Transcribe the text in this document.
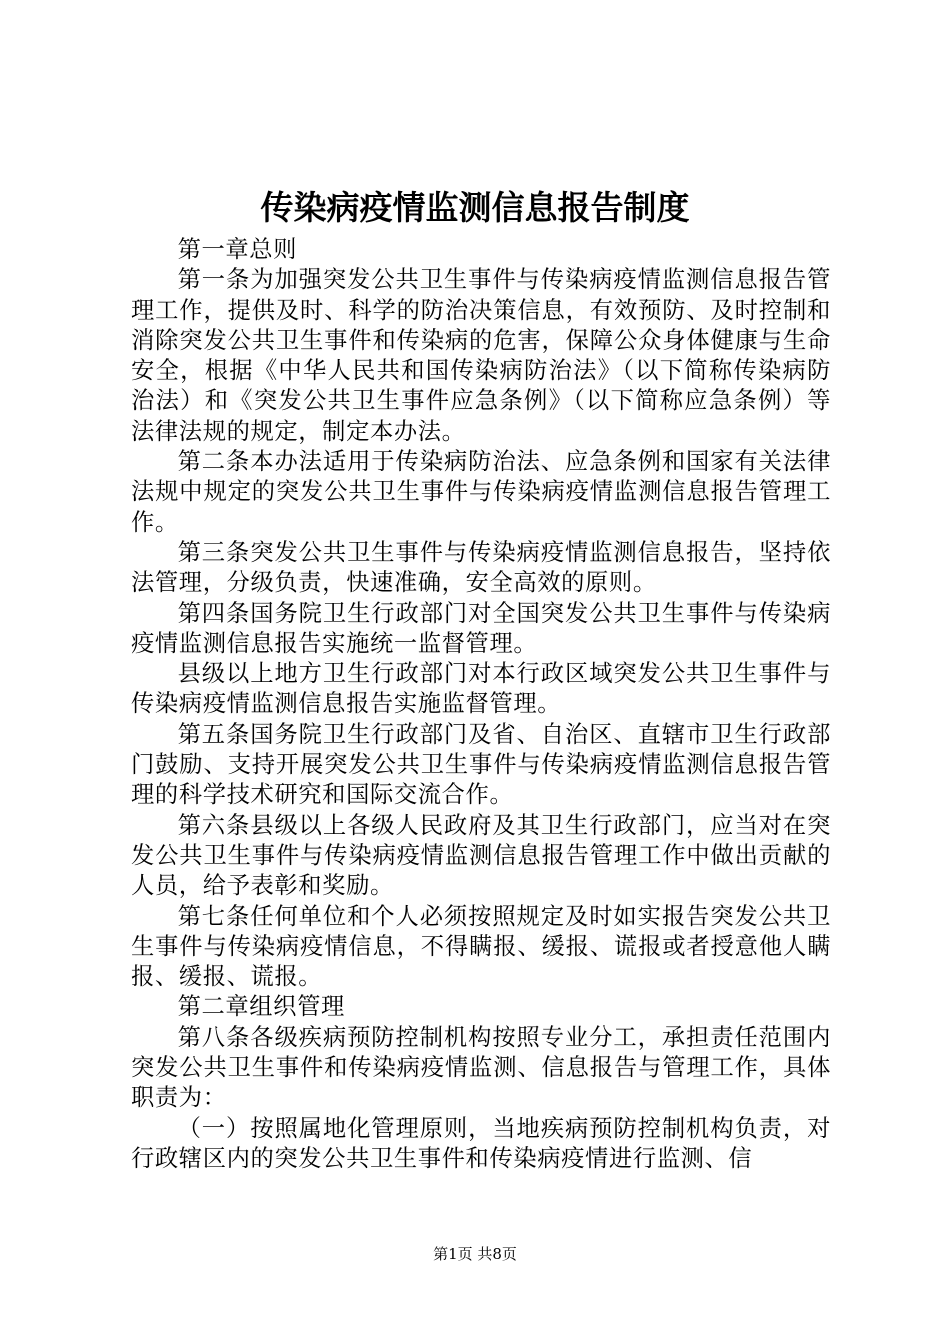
传染病疫情监测信息报告制度

第一章总则

第一条为加强突发公共卫生事件与传染病疫情监测信息报告管理工作，提供及时、科学的防治决策信息，有效预防、及时控制和消除突发公共卫生事件和传染病的危害，保障公众身体健康与生命安全，根据《中华人民共和国传染病防治法》（以下简称传染病防治法）和《突发公共卫生事件应急条例》（以下简称应急条例）等法律法规的规定，制定本办法。

第二条本办法适用于传染病防治法、应急条例和国家有关法律法规中规定的突发公共卫生事件与传染病疫情监测信息报告管理工作。

第三条突发公共卫生事件与传染病疫情监测信息报告，坚持依法管理，分级负责，快速准确，安全高效的原则。

第四条国务院卫生行政部门对全国突发公共卫生事件与传染病疫情监测信息报告实施统一监督管理。

县级以上地方卫生行政部门对本行政区域突发公共卫生事件与传染病疫情监测信息报告实施监督管理。

第五条国务院卫生行政部门及省、自治区、直辖市卫生行政部门鼓励、支持开展突发公共卫生事件与传染病疫情监测信息报告管理的科学技术研究和国际交流合作。

第六条县级以上各级人民政府及其卫生行政部门，应当对在突发公共卫生事件与传染病疫情监测信息报告管理工作中做出贡献的人员，给予表彰和奖励。

第七条任何单位和个人必须按照规定及时如实报告突发公共卫生事件与传染病疫情信息，不得瞒报、缓报、谎报或者授意他人瞒报、缓报、谎报。

第二章组织管理

第八条各级疾病预防控制机构按照专业分工，承担责任范围内突发公共卫生事件和传染病疫情监测、信息报告与管理工作，具体职责为：

（一）按照属地化管理原则，当地疾病预防控制机构负责，对行政辖区内的突发公共卫生事件和传染病疫情进行监测、信

第1页 共8页
